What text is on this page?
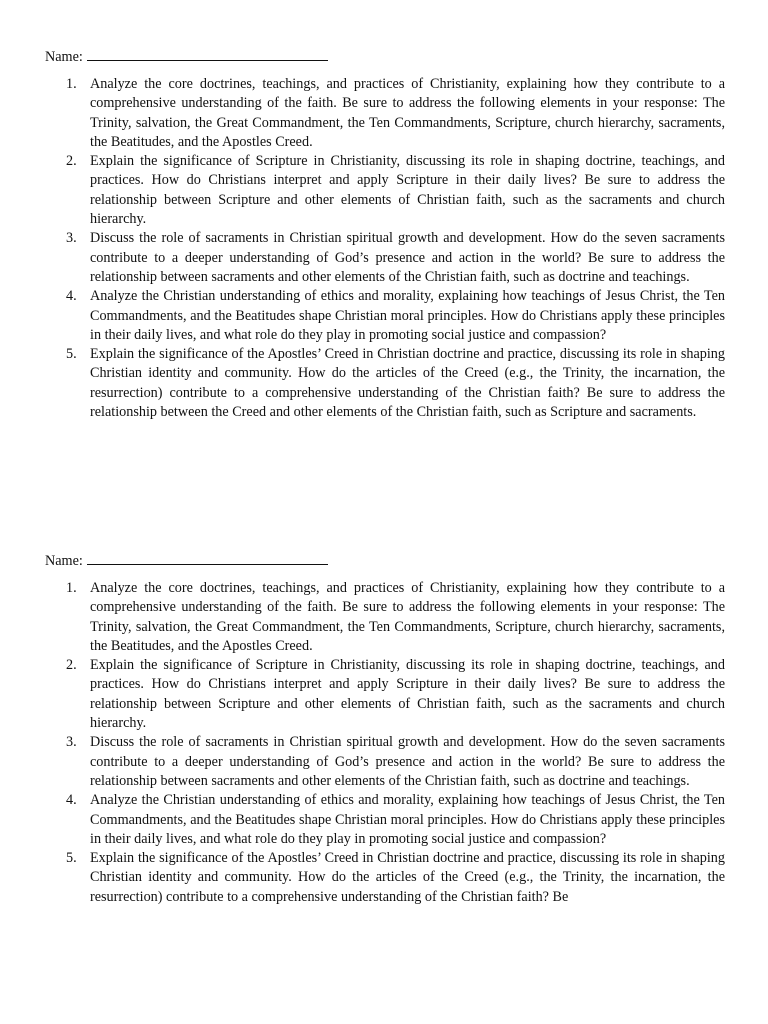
Name:
1. Analyze the core doctrines, teachings, and practices of Christianity, explaining how they contribute to a comprehensive understanding of the faith. Be sure to address the following elements in your response: The Trinity, salvation, the Great Commandment, the Ten Commandments, Scripture, church hierarchy, sacraments, the Beatitudes, and the Apostles Creed.
2. Explain the significance of Scripture in Christianity, discussing its role in shaping doctrine, teachings, and practices. How do Christians interpret and apply Scripture in their daily lives? Be sure to address the relationship between Scripture and other elements of Christian faith, such as the sacraments and church hierarchy.
3. Discuss the role of sacraments in Christian spiritual growth and development. How do the seven sacraments contribute to a deeper understanding of God’s presence and action in the world? Be sure to address the relationship between sacraments and other elements of the Christian faith, such as doctrine and teachings.
4. Analyze the Christian understanding of ethics and morality, explaining how teachings of Jesus Christ, the Ten Commandments, and the Beatitudes shape Christian moral principles. How do Christians apply these principles in their daily lives, and what role do they play in promoting social justice and compassion?
5. Explain the significance of the Apostles’ Creed in Christian doctrine and practice, discussing its role in shaping Christian identity and community. How do the articles of the Creed (e.g., the Trinity, the incarnation, the resurrection) contribute to a comprehensive understanding of the Christian faith? Be sure to address the relationship between the Creed and other elements of the Christian faith, such as Scripture and sacraments.
Name:
1. Analyze the core doctrines, teachings, and practices of Christianity, explaining how they contribute to a comprehensive understanding of the faith. Be sure to address the following elements in your response: The Trinity, salvation, the Great Commandment, the Ten Commandments, Scripture, church hierarchy, sacraments, the Beatitudes, and the Apostles Creed.
2. Explain the significance of Scripture in Christianity, discussing its role in shaping doctrine, teachings, and practices. How do Christians interpret and apply Scripture in their daily lives? Be sure to address the relationship between Scripture and other elements of Christian faith, such as the sacraments and church hierarchy.
3. Discuss the role of sacraments in Christian spiritual growth and development. How do the seven sacraments contribute to a deeper understanding of God’s presence and action in the world? Be sure to address the relationship between sacraments and other elements of the Christian faith, such as doctrine and teachings.
4. Analyze the Christian understanding of ethics and morality, explaining how teachings of Jesus Christ, the Ten Commandments, and the Beatitudes shape Christian moral principles. How do Christians apply these principles in their daily lives, and what role do they play in promoting social justice and compassion?
5. Explain the significance of the Apostles’ Creed in Christian doctrine and practice, discussing its role in shaping Christian identity and community. How do the articles of the Creed (e.g., the Trinity, the incarnation, the resurrection) contribute to a comprehensive understanding of the Christian faith? Be
